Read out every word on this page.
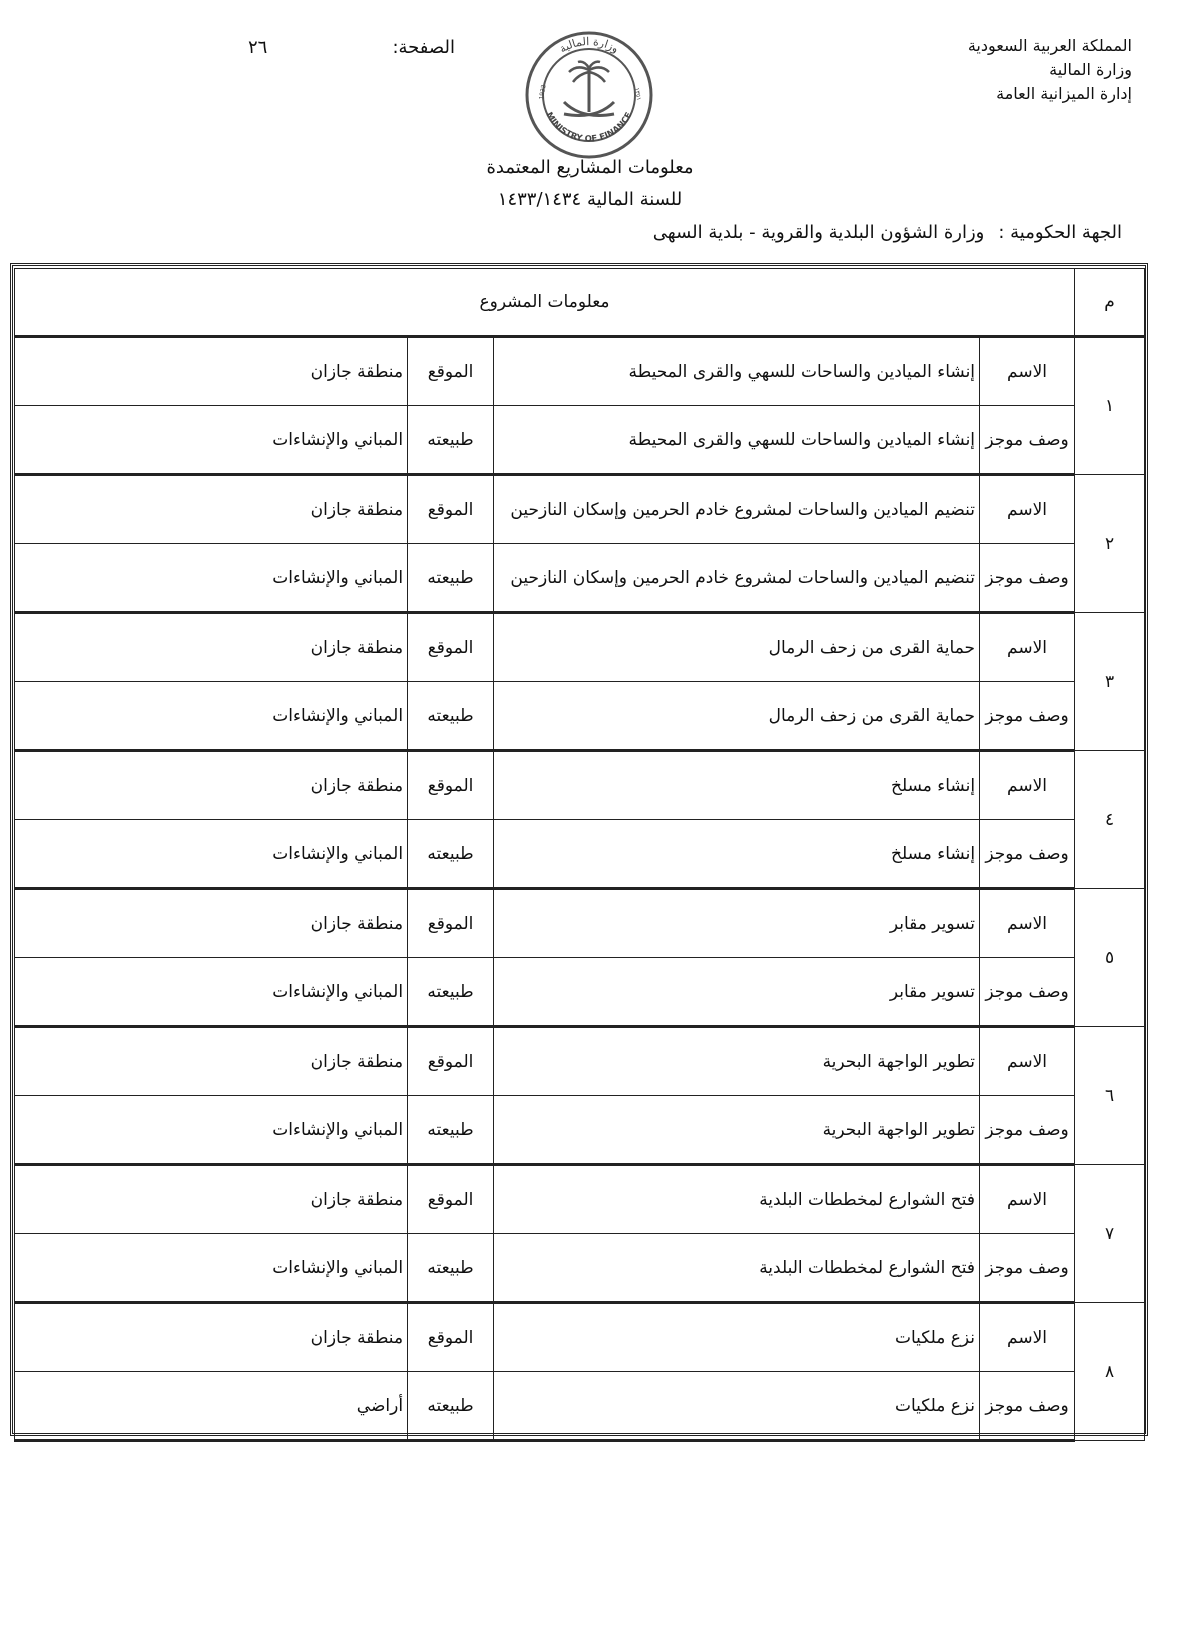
المملكة العربية السعودية
وزارة المالية
إدارة الميزانية العامة
الصفحة:
٢٦	وزارة المالية
MINISTRY OF FINANCE
1932	١٣٥١
معلومات المشاريع المعتمدة
للسنة المالية ١٤٣٣/١٤٣٤
الجهة الحكومية :وزارة الشؤون البلدية والقروية - بلدية السهى
م	معلومات المشروع			
١	الاسم	إنشاء الميادين والساحات للسهي والقرى المحيطة	الموقع	منطقة جازان
	وصف موجز	إنشاء الميادين والساحات للسهي والقرى المحيطة	طبيعته	المباني والإنشاءات
٢	الاسم	تنضيم الميادين والساحات لمشروع خادم الحرمين وإسكان النازحين	الموقع	منطقة جازان
	وصف موجز	تنضيم الميادين والساحات لمشروع خادم الحرمين وإسكان النازحين	طبيعته	المباني والإنشاءات
٣	الاسم	حماية القرى من زحف الرمال	الموقع	منطقة جازان
	وصف موجز	حماية القرى من زحف الرمال	طبيعته	المباني والإنشاءات
٤	الاسم	إنشاء مسلخ	الموقع	منطقة جازان
	وصف موجز	إنشاء مسلخ	طبيعته	المباني والإنشاءات
٥	الاسم	تسوير مقابر	الموقع	منطقة جازان
	وصف موجز	تسوير مقابر	طبيعته	المباني والإنشاءات
٦	الاسم	تطوير الواجهة البحرية	الموقع	منطقة جازان
	وصف موجز	تطوير الواجهة البحرية	طبيعته	المباني والإنشاءات
٧	الاسم	فتح الشوارع لمخططات البلدية	الموقع	منطقة جازان
	وصف موجز	فتح الشوارع لمخططات البلدية	طبيعته	المباني والإنشاءات
٨	الاسم	نزع ملكيات	الموقع	منطقة جازان
	وصف موجز	نزع ملكيات	طبيعته	أراضي
